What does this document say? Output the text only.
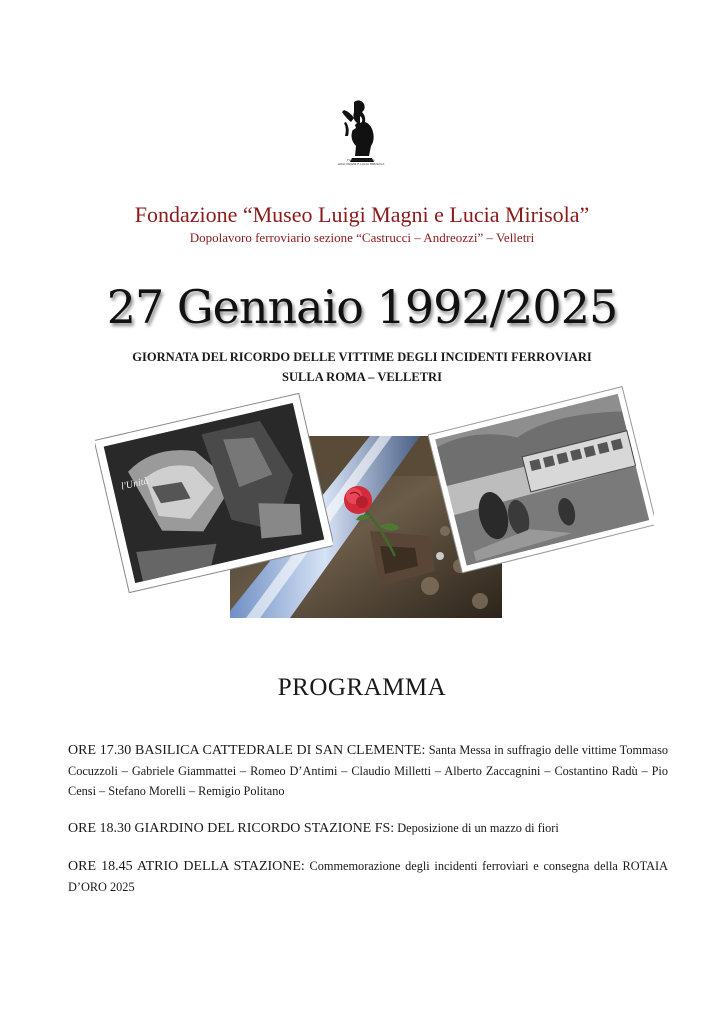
Fondazione Museo
LUIGI MAGNI E LUCIA MIRISOLA
Fondazione “Museo Luigi Magni e Lucia Mirisola”
Dopolavoro ferroviario sezione “Castrucci – Andreozzi” – Velletri
27 Gennaio 1992/2025
GIORNATA DEL RICORDO DELLE VITTIME DEGLI INCIDENTI FERROVIARI
SULLA ROMA – VELLETRI
l'Unità
PROGRAMMA
ORE 17.30 BASILICA CATTEDRALE DI SAN CLEMENTE: Santa Messa in suffragio delle vittime Tommaso Cocuzzoli – Gabriele Giammattei – Romeo D’Antimi – Claudio Milletti – Alberto Zaccagnini – Costantino Radù – Pio Censi – Stefano Morelli – Remigio Politano
ORE 18.30 GIARDINO DEL RICORDO STAZIONE FS: Deposizione di un mazzo di fiori
ORE 18.45 ATRIO DELLA STAZIONE: Commemorazione degli incidenti ferroviari e consegna della ROTAIA D’ORO 2025
